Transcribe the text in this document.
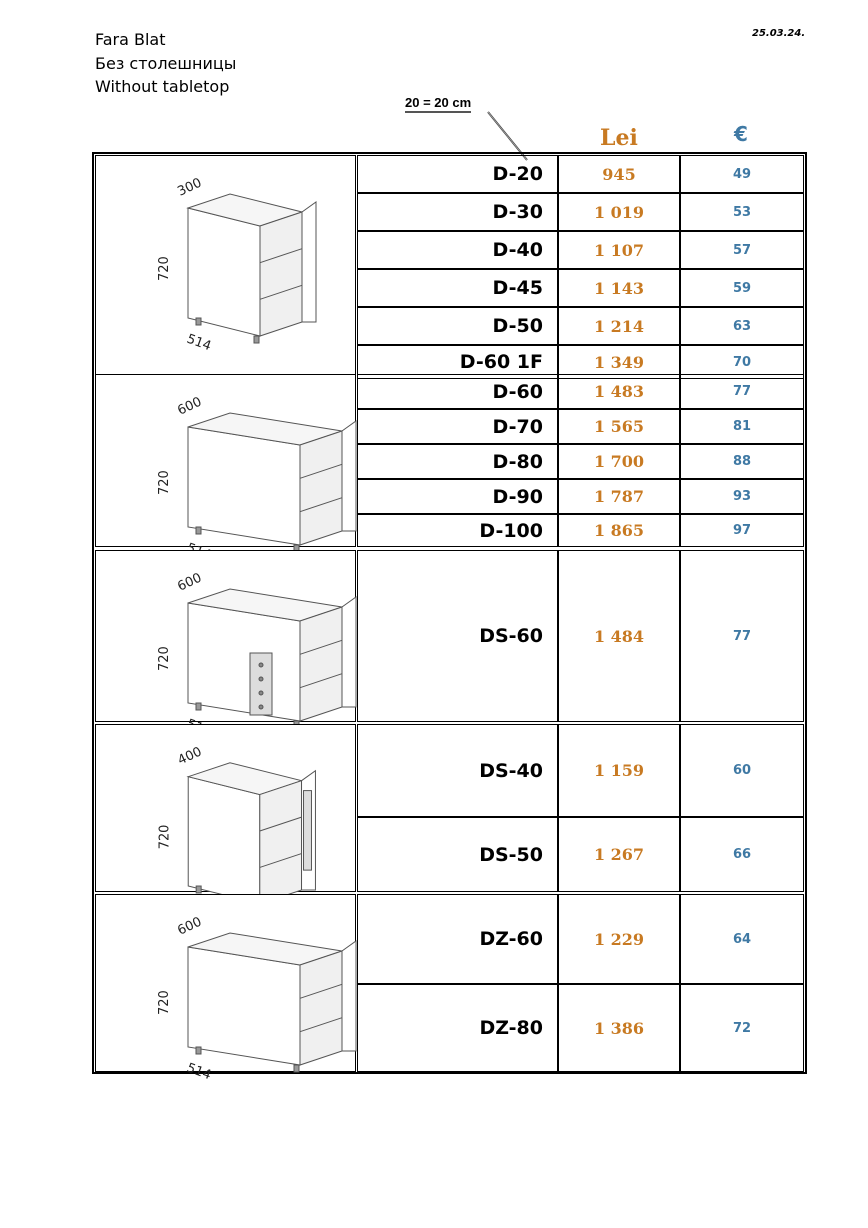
Fara Blat
Без столешницы
Without tabletop
25.03.24.
20 = 20 cm
Lei	€
300
720
514
D-20	945	49
D-30	1 019	53
D-40	1 107	57
D-45	1 143	59
D-50	1 214	63
D-60 1F	1 349	70
600
720
D-60	1 483	77
D-70	1 565	81
D-80	1 700	88
D-90	1 787	93
D-100	1 865	97
600
720
DS-60	1 484	77
400
720
DS-40	1 159	60
DS-50	1 267	66
600
720
514
DZ-60	1 229	64
DZ-80	1 386	72
